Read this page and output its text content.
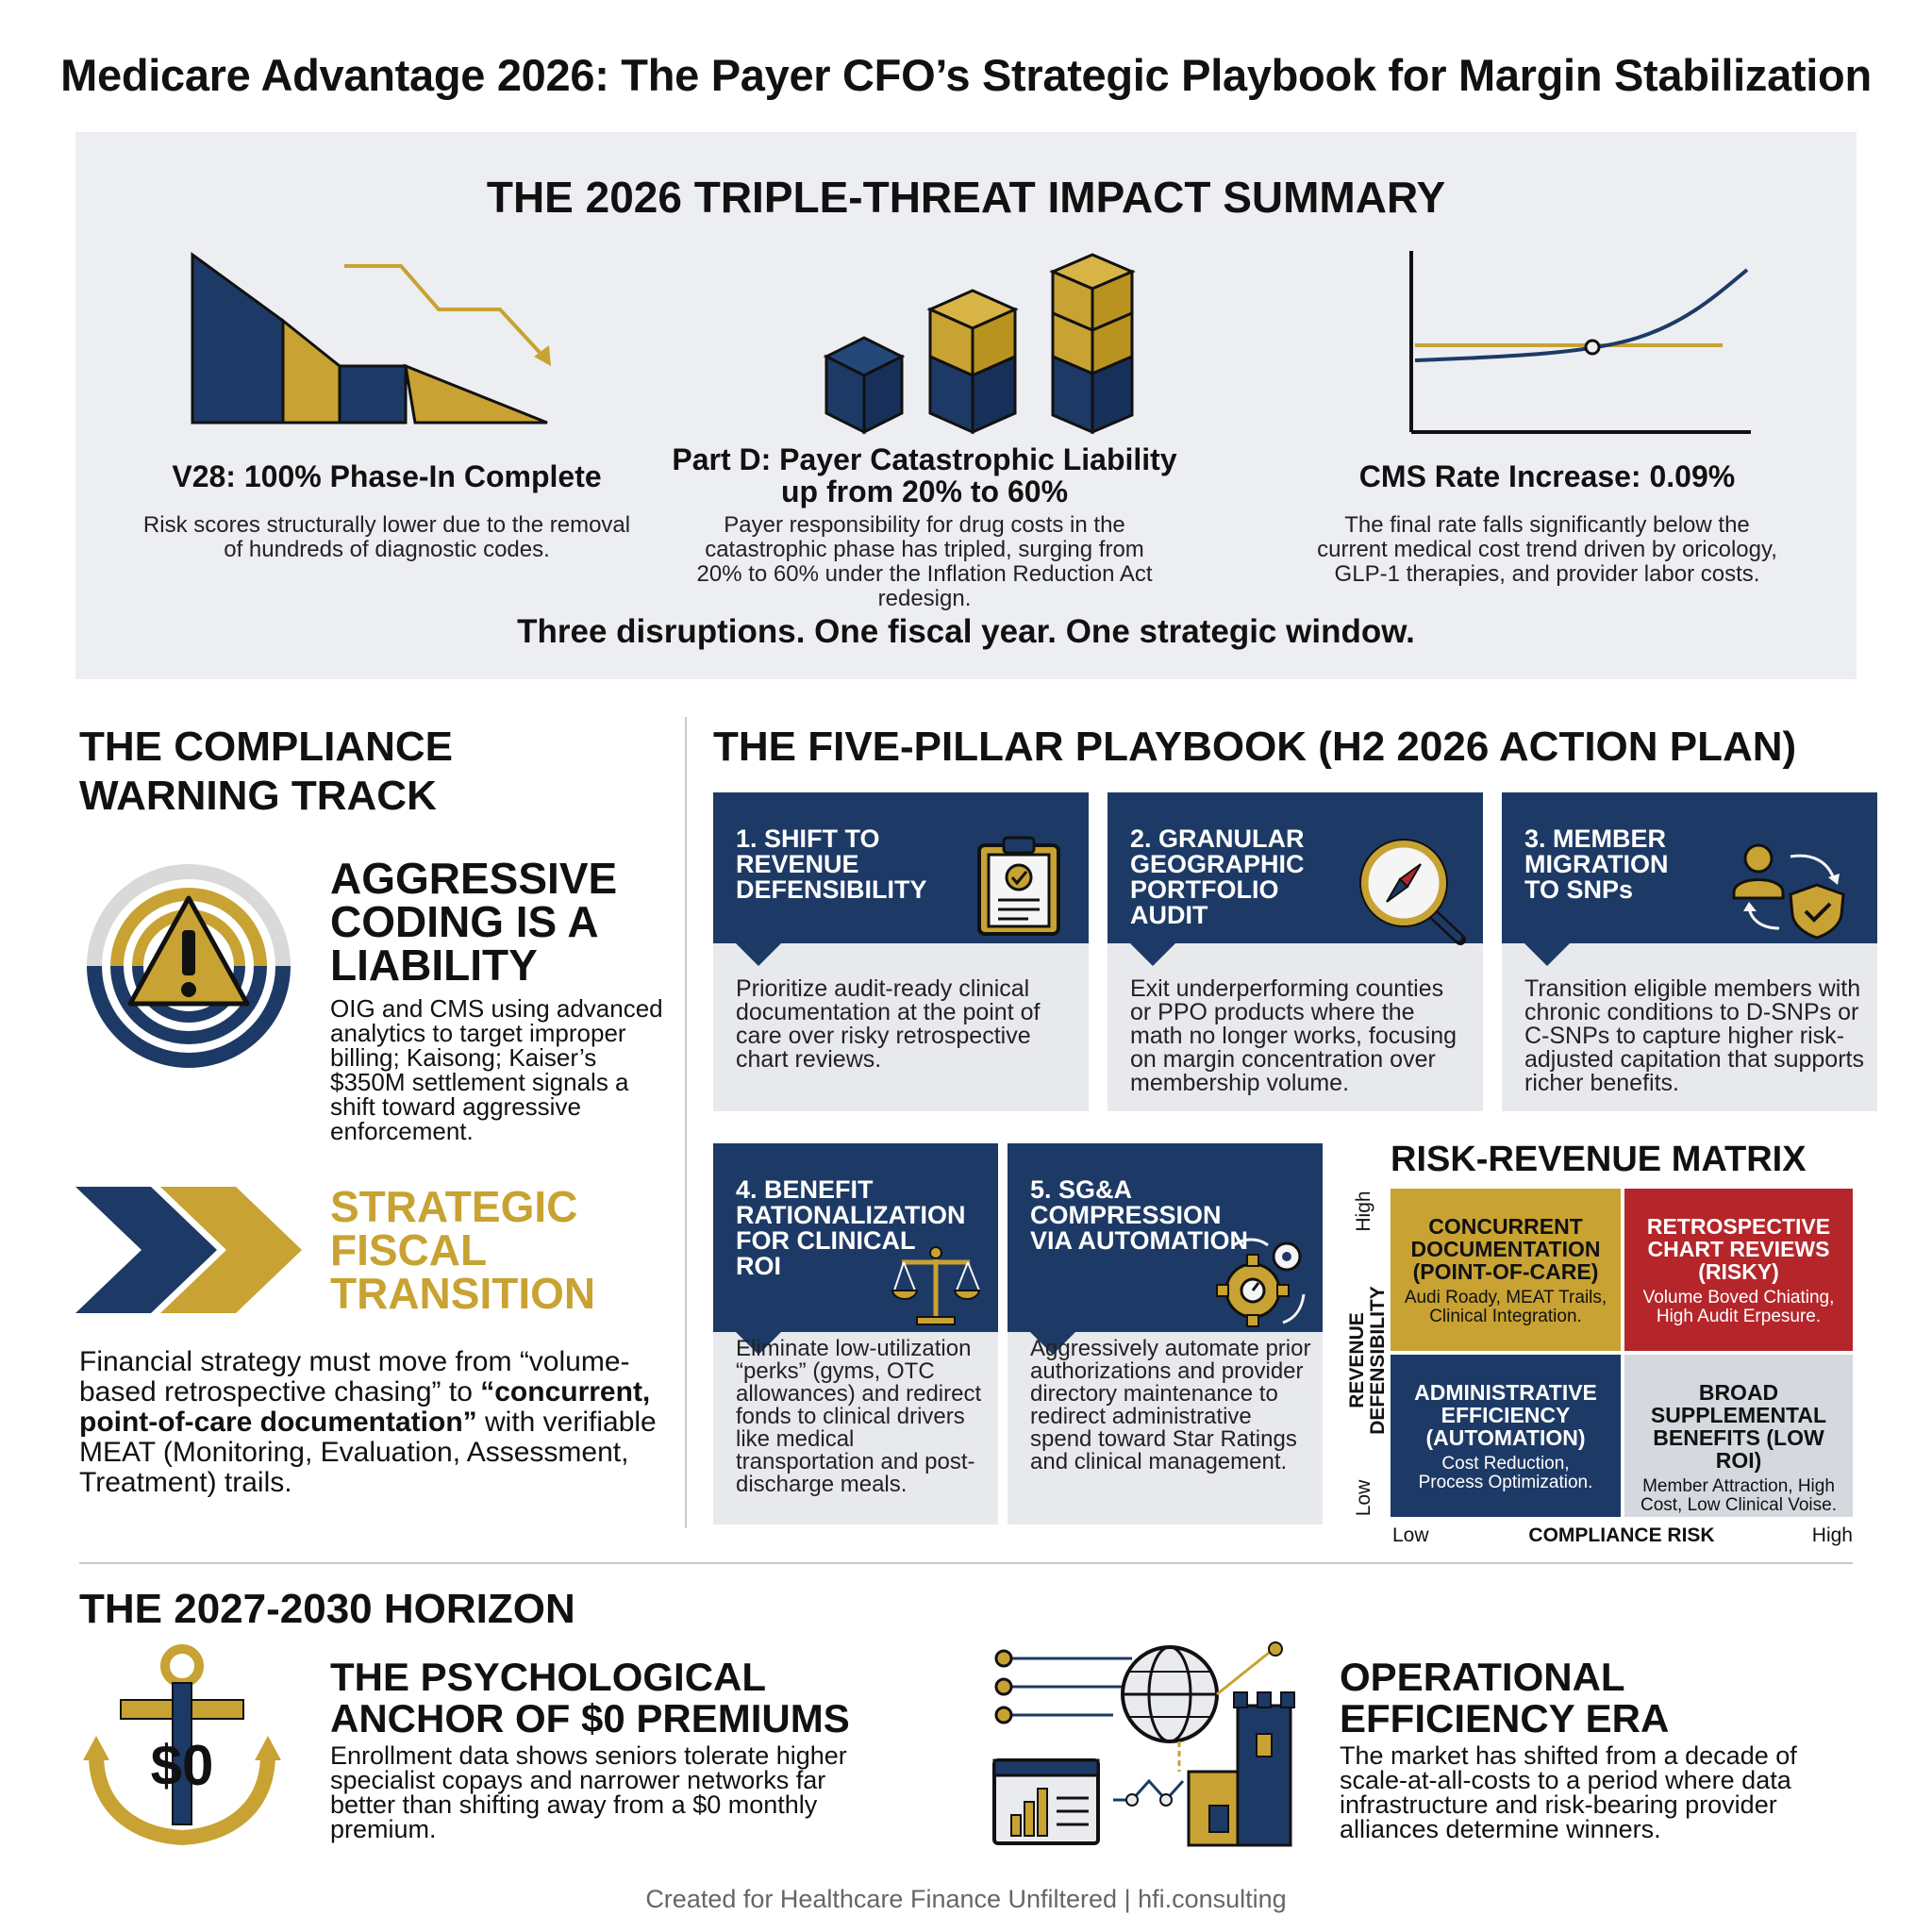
Medicare Advantage 2026: The Payer CFO’s Strategic Playbook for Margin Stabilization
THE 2026 TRIPLE-THREAT IMPACT SUMMARY
V28: 100% Phase-In Complete
Risk scores structurally lower due to the removal of hundreds of diagnostic codes.
Part D: Payer Catastrophic Liability up from 20% to 60%
Payer responsibility for drug costs in the catastrophic phase has tripled, surging from 20% to 60% under the Inflation Reduction Act redesign.
CMS Rate Increase: 0.09%
The final rate falls significantly below the current medical cost trend driven by oricology, GLP-1 therapies, and provider labor costs.
Three disruptions. One fiscal year. One strategic window.
THE COMPLIANCE WARNING TRACK
AGGRESSIVE CODING IS A LIABILITY
OIG and CMS using advanced analytics to target improper billing; Kaisong; Kaiser’s $350M settlement signals a shift toward aggressive enforcement.
STRATEGIC FISCAL TRANSITION
Financial strategy must move from “volume-based retrospective chasing” to “concurrent, point-of-care documentation” with verifiable MEAT (Monitoring, Evaluation, Assessment, Treatment) trails.
THE FIVE-PILLAR PLAYBOOK (H2 2026 ACTION PLAN)
1. SHIFT TO
REVENUE
DEFENSIBILITY
Prioritize audit-ready clinical documentation at the point of care over risky retrospective chart reviews.
2. GRANULAR
GEOGRAPHIC
PORTFOLIO
AUDIT
Exit underperforming counties or PPO products where the math no longer works, focusing on margin concentration over membership volume.
3. MEMBER
MIGRATION
TO SNPs
Transition eligible members with chronic conditions to D-SNPs or C-SNPs to capture higher risk-adjusted capitation that supports richer benefits.
4. BENEFIT
RATIONALIZATION
FOR CLINICAL
ROI
Eliminate low-utilization “perks” (gyms, OTC allowances) and redirect fonds to clinical drivers like medical transportation and post-discharge meals.
5. SG&A
COMPRESSION
VIA AUTOMATION
Aggressively automate prior authorizations and provider directory maintenance to redirect administrative spend toward Star Ratings and clinical management.
RISK-REVENUE MATRIX
High
REVENUE DEFENSIBILITY
Low
CONCURRENT
DOCUMENTATION
(POINT-OF-CARE)
Audi Roady, MEAT Trails,
Clinical Integration.
RETROSPECTIVE
CHART REVIEWS
(RISKY)
Volume Boved Chiating,
High Audit Erpesure.
ADMINISTRATIVE
EFFICIENCY
(AUTOMATION)
Cost Reduction,
Process Optimization.
BROAD
SUPPLEMENTAL
BENEFITS (LOW ROI)
Member Attraction, High
Cost, Low Clinical Voise.
Low	COMPLIANCE RISK	High
THE 2027-2030 HORIZON
$0
THE PSYCHOLOGICAL ANCHOR OF $0 PREMIUMS
Enrollment data shows seniors tolerate higher specialist copays and narrower networks far better than shifting away from a $0 monthly premium.
OPERATIONAL EFFICIENCY ERA
The market has shifted from a decade of scale-at-all-costs to a period where data infrastructure and risk-bearing provider alliances determine winners.
Created for Healthcare Finance Unfiltered | hfi.consulting
